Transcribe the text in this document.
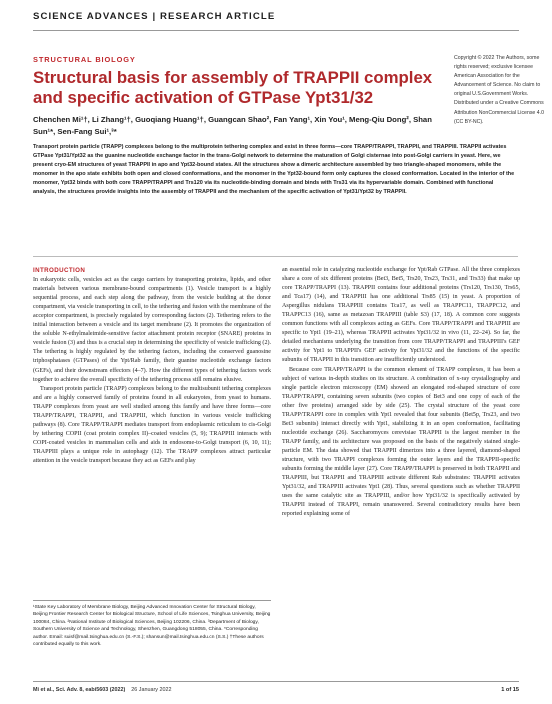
SCIENCE ADVANCES | RESEARCH ARTICLE
STRUCTURAL BIOLOGY
Structural basis for assembly of TRAPPII complex and specific activation of GTPase Ypt31/32
Chenchen Mi¹†, Li Zhang¹†, Guoqiang Huang¹†, Guangcan Shao², Fan Yang¹, Xin You¹, Meng-Qiu Dong², Shan Sun¹*, Sen-Fang Sui¹,³*
Copyright © 2022 The Authors, some rights reserved; exclusive licensee American Association for the Advancement of Science. No claim to original U.S.Government Works. Distributed under a Creative Commons Attribution NonCommercial License 4.0 (CC BY-NC).
Transport protein particle (TRAPP) complexes belong to the multiprotein tethering complex and exist in three forms—core TRAPP/TRAPPI, TRAPPII, and TRAPPIII. TRAPPII activates GTPase Ypt31/Ypt32 as the guanine nucleotide exchange factor in the trans-Golgi network to determine the maturation of Golgi cisternae into post-Golgi carriers in yeast. Here, we present cryo-EM structures of yeast TRAPPII in apo and Ypt32-bound states. All the structures show a dimeric architecture assembled by two triangle-shaped monomers, while the monomer in the apo state exhibits both open and closed conformations, and the monomer in the Ypt32-bound form only captures the closed conformation. Located in the interior of the monomer, Ypt32 binds with both core TRAPP/TRAPPI and Trs120 via its nucleotide-binding domain and binds with Trs31 via its hypervariable domain. Combined with functional analysis, the structures provide insights into the assembly of TRAPPII and the mechanism of the specific activation of Ypt31/Ypt32 by TRAPPII.
INTRODUCTION

In eukaryotic cells, vesicles act as the cargo carriers by transporting proteins, lipids, and other materials between various membrane-bound compartments (1). Vesicle transport is a highly sequential process, and each step along the pathway, from the vesicle budding at the donor compartment, via vesicle transporting in cell, to the tethering and fusion with the membrane of the acceptor compartment, is precisely regulated by corresponding factors (2). Tethering refers to the initial interaction between a vesicle and its target membrane (2). It promotes the organization of the soluble N-ethylmaleimide-sensitive factor attachment protein receptor (SNARE) proteins in vesicle fusion (3) and thus is a crucial step in determining the specificity of vesicle trafficking (2). The tethering is highly regulated by the tethering factors, including the conserved guanosine triphosphatases (GTPases) of the Ypt/Rab family, their guanine nucleotide exchange factors (GEFs), and their downstream effectors (4–7). How the different types of tethering factors work together to achieve the overall specificity of the tethering process still remains elusive.

Transport protein particle (TRAPP) complexes belong to the multisubunit tethering complexes and are a highly conserved family of proteins found in all eukaryotes, from yeast to humans. TRAPP complexes from yeast are well studied among this family and have three forms—core TRAPP/TRAPPI, TRAPPII, and TRAPPIII, which function in various vesicle trafficking pathways (8). Core TRAPP/TRAPPI mediates transport from endoplasmic reticulum to cis-Golgi by tethering COPII (coat protein complex II)–coated vesicles (5, 9); TRAPPIII interacts with COPI-coated vesicles in mammalian cells and aids in endosome-to-Golgi transport (6, 10, 11); TRAPPIII plays a unique role in autophagy (12). The TRAPP complexes attract particular attention in the vesicle transport because they act as GEFs and play

an essential role in catalyzing nucleotide exchange for Ypt/Rab GTPase. All the three complexes share a core of six different proteins (Bet3, Bet5, Trs20, Trs23, Trs31, and Trs33) that make up core TRAPP/TRAPPI (13). TRAPPII contains four additional proteins (Trs120, Trs130, Trs65, and Tca17) (14), and TRAPPIII has one additional Trs85 (15) in yeast. A proportion of Aspergillus nidulans TRAPPIII contains Tca17, as well as TRAPPC11, TRAPPC12, and TRAPPC13 (16), same as metazoan TRAPPIII (table S3) (17, 18). A common core suggests common functions with all complexes acting as GEFs. Core TRAPP/TRAPPI and TRAPPIII are specific to Ypt1 (19–21), whereas TRAPPII activates Ypt31/32 in vivo (11, 22–24). So far, the detailed mechanisms underlying the transition from core TRAPP/TRAPPI and TRAPPIII's GEF activity for Ypt1 to TRAPPII's GEF activity for Ypt31/32 and the functions of the specific subunits of TRAPPII in this transition are insufficiently understood.

Because core TRAPP/TRAPPI is the common element of TRAPP complexes, it has been a subject of various in-depth studies on its structure. A combination of x-ray crystallography and single particle electron microscopy (EM) showed an elongated rod-shaped structure of core TRAPP/TRAPPI, containing seven subunits (two copies of Bet3 and one copy of each of the other five proteins) arranged side by side (25). The crystal structure of the yeast core TRAPP/TRAPPI core in complex with Ypt1 revealed that four subunits (Bet5p, Trs23, and two Bet3 subunits) interact directly with Ypt1, stabilizing it in an open conformation, facilitating nucleotide exchange (26). Saccharomyces cerevisiae TRAPPII is the largest member in the TRAPP family, and its architecture was proposed on the basis of the negatively stained single-particle EM. The data showed that TRAPPII dimerizes into a three layered, diamond-shaped structure, with two TRAPPI complexes forming the outer layers and the TRAPPII-specific subunits forming the middle layer (27). Core TRAPP/TRAPPI is preserved in both TRAPPII and TRAPPIII, but TRAPPII and TRAPPIII activate different Rab substrates: TRAPPII activates Ypt31/32, and TRAPPIII activates Ypt1 (28). Thus, several questions such as whether TRAPPII uses the same catalytic site as TRAPPIII, and/or how Ypt31/32 is specifically activated by TRAPPII instead of TRAPPI, remain unanswered. Several contradictory results have been reported explaining some of

¹State Key Laboratory of Membrane Biology, Beijing Advanced Innovation Center for Structural Biology, Beijing Frontier Research Center for Biological Structure, School of Life Sciences, Tsinghua University, Beijing 100084, China. ²National Institute of Biological Sciences, Beijing 102206, China. ³Department of Biology, Southern University of Science and Technology, Shenzhen, Guangdong 518055, China. *Corresponding author. Email: suisf@mail.tsinghua.edu.cn (S.-F.S.); shansun@mail.tsinghua.edu.cn (S.S.) †These authors contributed equally to this work.
Mi et al., Sci. Adv. 8, eabi5603 (2022) 26 January 2022	1 of 15
